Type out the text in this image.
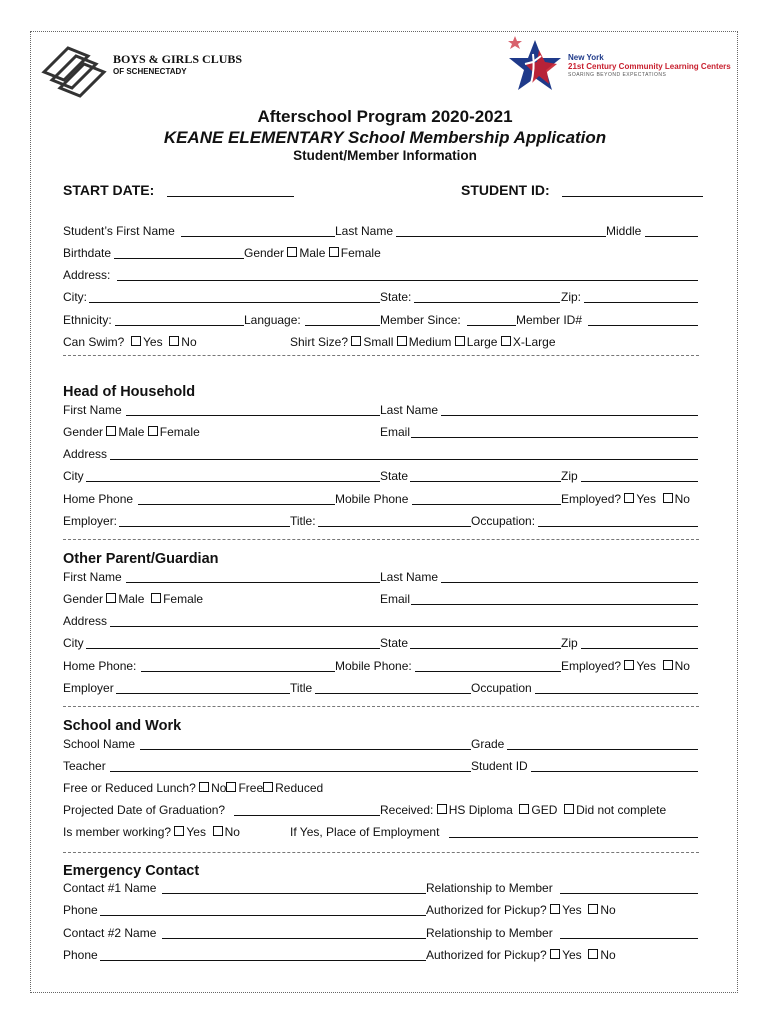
BOYS & GIRLS CLUBS
OF SCHENECTADY
New York
21st Century Community Learning Centers
SOARING BEYOND EXPECTATIONS
Afterschool Program 2020-2021
KEANE ELEMENTARY School Membership Application
Student/Member Information
START DATE:	STUDENT ID:
Student’s First Name	Last Name	Middle
Birthdate	Gender Male Female
Address:
City:	State:	Zip:
Ethnicity:	Language:	Member Since:	Member ID#
Can Swim? Yes No	Shirt Size? Small Medium Large X-Large
Head of Household
First Name	Last Name
Gender Male Female	Email
Address
City	State	Zip
Home Phone	Mobile Phone	Employed? Yes No
Employer:	Title:	Occupation:
Other Parent/Guardian
First Name	Last Name
Gender Male Female	Email
Address
City	State	Zip
Home Phone:	Mobile Phone:	Employed? Yes No
Employer	Title	Occupation
School and Work
School Name	Grade
Teacher	Student ID
Free or Reduced Lunch? No Free Reduced
Projected Date of Graduation?	Received: HS Diploma GED Did not complete
Is member working? Yes No	If Yes, Place of Employment
Emergency Contact
Contact #1 Name	Relationship to Member
Phone	Authorized for Pickup? Yes No
Contact #2 Name	Relationship to Member
Phone	Authorized for Pickup? Yes No
